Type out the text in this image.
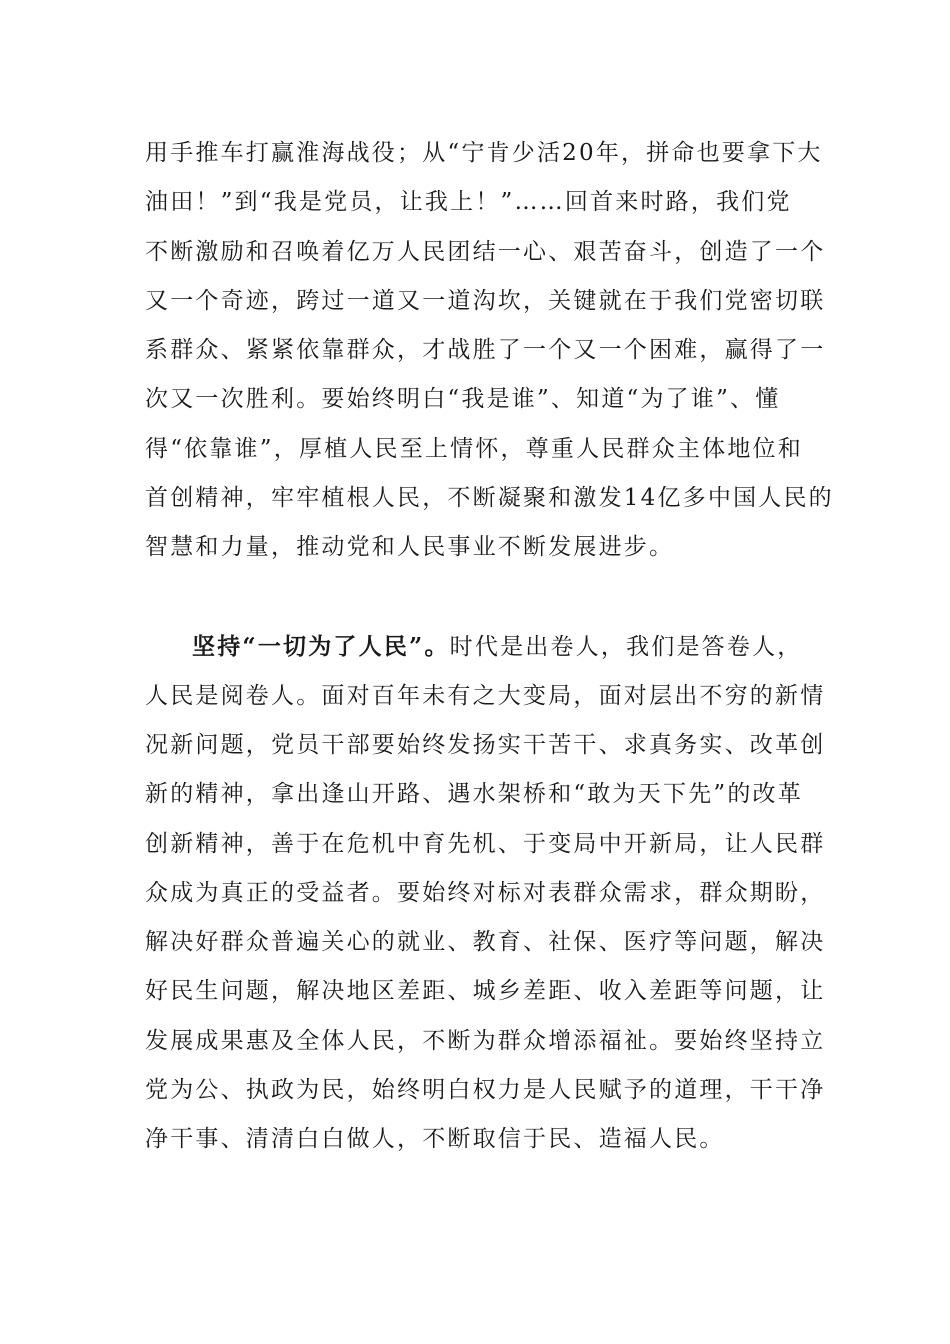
用手推车打赢淮海战役；从“宁肯少活20年，拼命也要拿下大
油田！”到“我是党员，让我上！”……回首来时路，我们党
不断激励和召唤着亿万人民团结一心、艰苦奋斗，创造了一个
又一个奇迹，跨过一道又一道沟坎，关键就在于我们党密切联
系群众、紧紧依靠群众，才战胜了一个又一个困难，赢得了一
次又一次胜利。要始终明白“我是谁”、知道“为了谁”、懂
得“依靠谁”，厚植人民至上情怀，尊重人民群众主体地位和
首创精神，牢牢植根人民，不断凝聚和激发14亿多中国人民的
智慧和力量，推动党和人民事业不断发展进步。
坚持“一切为了人民”。时代是出卷人，我们是答卷人，
人民是阅卷人。面对百年未有之大变局，面对层出不穷的新情
况新问题，党员干部要始终发扬实干苦干、求真务实、改革创
新的精神，拿出逢山开路、遇水架桥和“敢为天下先”的改革
创新精神，善于在危机中育先机、于变局中开新局，让人民群
众成为真正的受益者。要始终对标对表群众需求，群众期盼，
解决好群众普遍关心的就业、教育、社保、医疗等问题，解决
好民生问题，解决地区差距、城乡差距、收入差距等问题，让
发展成果惠及全体人民，不断为群众增添福祉。要始终坚持立
党为公、执政为民，始终明白权力是人民赋予的道理，干干净
净干事、清清白白做人，不断取信于民、造福人民。
